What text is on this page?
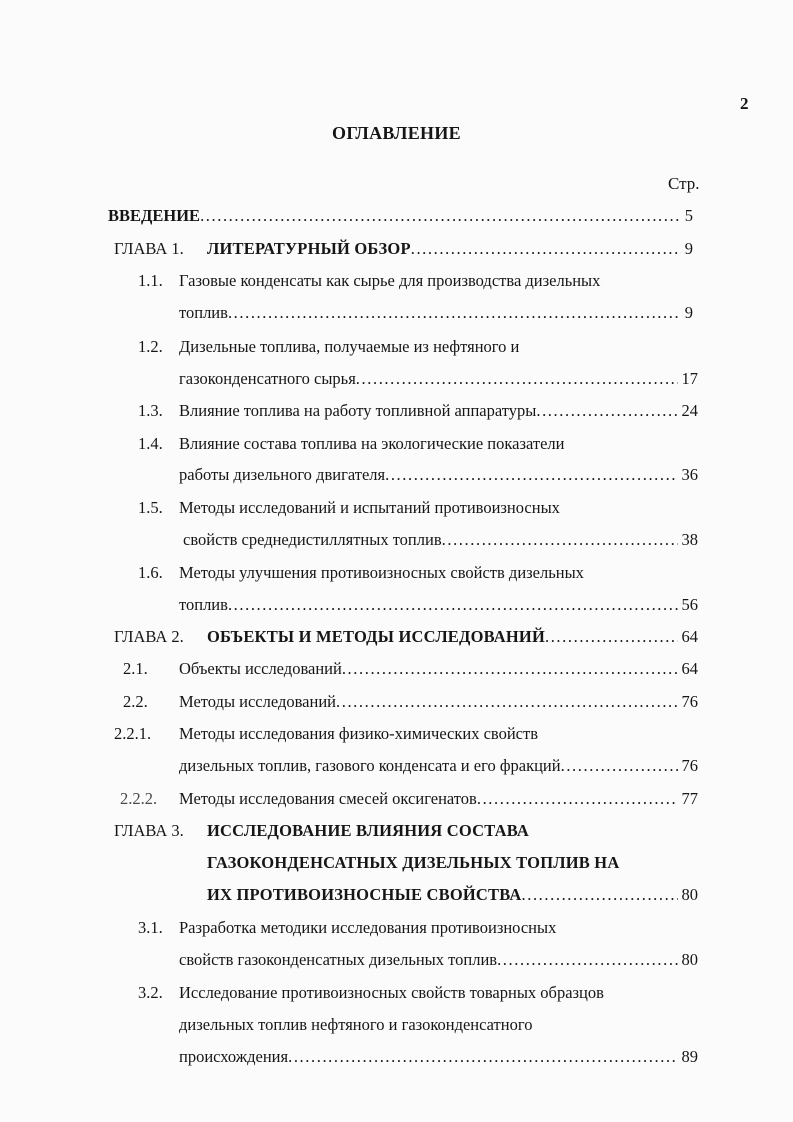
2
ОГЛАВЛЕНИЕ
Стр.
ВВЕДЕНИЕ .....	5
ГЛАВА 1. ЛИТЕРАТУРНЫЙ ОБЗОР .....	9
1.1. Газовые конденсаты как сырье для производства дизельных
топлив .....	9
1.2. Дизельные топлива, получаемые из нефтяного и
газоконденсатного сырья .....	17
1.3. Влияние топлива на работу топливной аппаратуры .....	24
1.4. Влияние состава топлива на экологические показатели
работы дизельного двигателя .....	36
1.5. Методы исследований и испытаний противоизносных
свойств среднедистиллятных топлив .....	38
1.6. Методы улучшения противоизносных свойств дизельных
топлив .....	56
ГЛАВА 2. ОБЪЕКТЫ И МЕТОДЫ ИССЛЕДОВАНИЙ .....	64
2.1. Объекты исследований .....	64
2.2. Методы исследований .....	76
2.2.1. Методы исследования физико-химических свойств
дизельных топлив, газового конденсата и его фракций .....	76
2.2.2. Методы исследования смесей оксигенатов .....	77
ГЛАВА 3. ИССЛЕДОВАНИЕ ВЛИЯНИЯ СОСТАВА
ГАЗОКОНДЕНСАТНЫХ ДИЗЕЛЬНЫХ ТОПЛИВ НА
ИХ ПРОТИВОИЗНОСНЫЕ СВОЙСТВА .....	80
3.1. Разработка методики исследования противоизносных
свойств газоконденсатных дизельных топлив .....	80
3.2. Исследование противоизносных свойств товарных образцов
дизельных топлив нефтяного и газоконденсатного
происхождения .....	89
